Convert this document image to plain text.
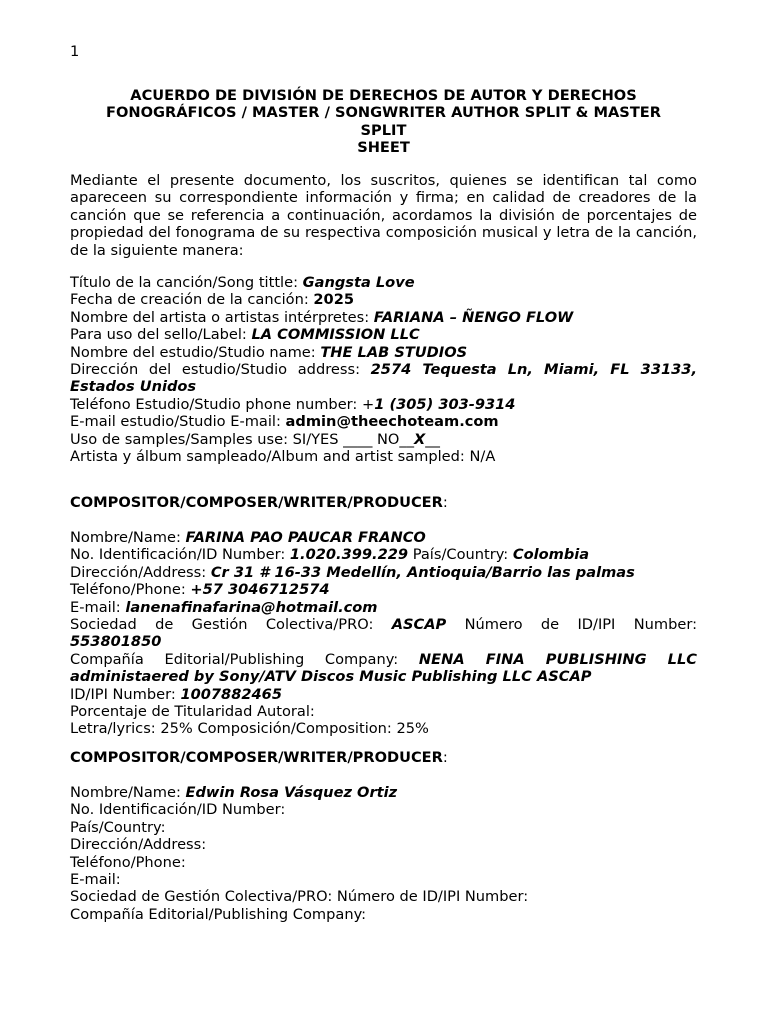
1

ACUERDO DE DIVISIÓN DE DERECHOS DE AUTOR Y DERECHOS

FONOGRÁFICOS / MASTER / SONGWRITER AUTHOR SPLIT & MASTER

SPLIT

SHEET

Mediante el presente documento, los suscritos, quienes se identifican tal como apareceen su correspondiente información y firma; en calidad de creadores de la canción que se referencia a continuación, acordamos la división de porcentajes de propiedad del fonograma de su respectiva composición musical y letra de la canción, de la siguiente manera:

Título de la canción/Song tittle: Gangsta Love

Fecha de creación de la canción: 2025

Nombre del artista o artistas intérpretes: FARIANA – ÑENGO FLOW

Para uso del sello/Label: LA COMMISSION LLC

Nombre del estudio/Studio name: THE LAB STUDIOS

Dirección del estudio/Studio address: 2574 Tequesta Ln, Miami, FL 33133,

Estados Unidos

Teléfono Estudio/Studio phone number: +1 (305) 303-9314

E-mail estudio/Studio E-mail: admin@theechoteam.com

Uso de samples/Samples use: SI/YES ____ NO__X__

Artista y álbum sampleado/Album and artist sampled: N/A

COMPOSITOR/COMPOSER/WRITER/PRODUCER:

Nombre/Name: FARINA PAO PAUCAR FRANCO

No. Identificación/ID Number: 1.020.399.229 País/Country: Colombia

Dirección/Address: Cr 31 # 16-33 Medellín, Antioquia/Barrio las palmas

Teléfono/Phone: +57 3046712574

E-mail: lanenafinafarina@hotmail.com

Sociedad de Gestión Colectiva/PRO: ASCAP Número de ID/IPI Number:

553801850

Compañía Editorial/Publishing Company: NENA FINA PUBLISHING LLC

administaered by Sony/ATV Discos Music Publishing LLC ASCAP

ID/IPI Number: 1007882465

Porcentaje de Titularidad Autoral:

Letra/lyrics: 25% Composición/Composition: 25%

COMPOSITOR/COMPOSER/WRITER/PRODUCER:

Nombre/Name: Edwin Rosa Vásquez Ortiz

No. Identificación/ID Number:

País/Country:

Dirección/Address:

Teléfono/Phone:

E-mail:

Sociedad de Gestión Colectiva/PRO: Número de ID/IPI Number:

Compañía Editorial/Publishing Company:
